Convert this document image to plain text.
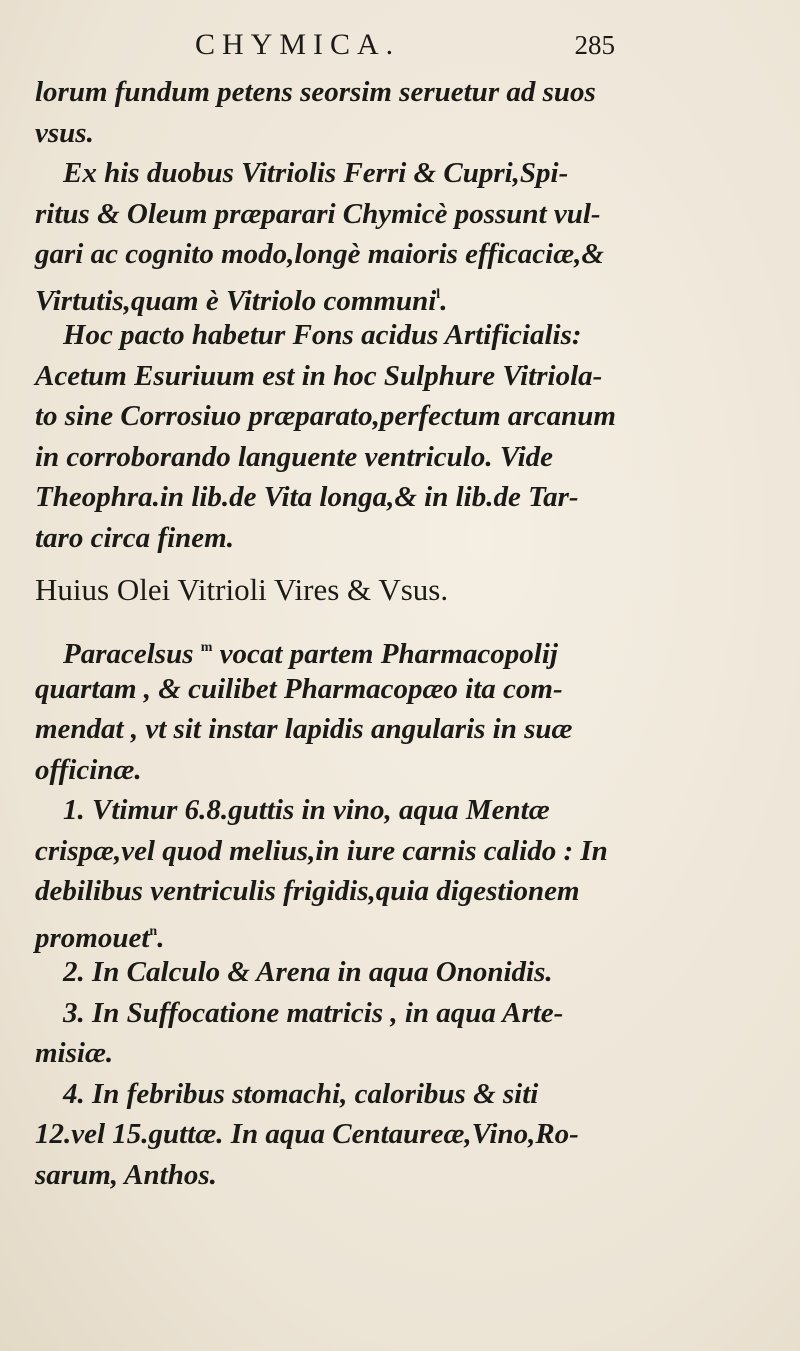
CHYMICA.	285
lorum fundum petens seorsim seruetur ad suos
vsus.
Ex his duobus Vitriolis Ferri & Cupri,Spi-
ritus & Oleum præparari Chymicè possunt vul-
gari ac cognito modo,longè maioris efficaciæ,&
Virtutis,quam è Vitriolo communi$^l$.
Hoc pacto habetur Fons acidus Artificialis:
Acetum Esuriuum est in hoc Sulphure Vitriola-
to sine Corrosiuo præparato,perfectum arcanum
in corroborando languente ventriculo. Vide
Theophra.in lib.de Vita longa,& in lib.de Tar-
taro circa finem.
Huius Olei Vitrioli Vires & Vsus.
Paracelsus $^m$ vocat partem Pharmacopolij
quartam , & cuilibet Pharmacopæo ita com-
mendat , vt sit instar lapidis angularis in suæ
officinæ.
1. Vtimur 6.8.guttis in vino, aqua Mentæ
crispæ,vel quod melius,in iure carnis calido : In
debilibus ventriculis frigidis,quia digestionem
promouet$^n$.
2. In Calculo & Arena in aqua Ononidis.
3. In Suffocatione matricis , in aqua Arte-
misiæ.
4. In febribus stomachi, caloribus & siti
12.vel 15.guttæ. In aqua Centaureæ,Vino,Ro-
sarum, Anthos.
